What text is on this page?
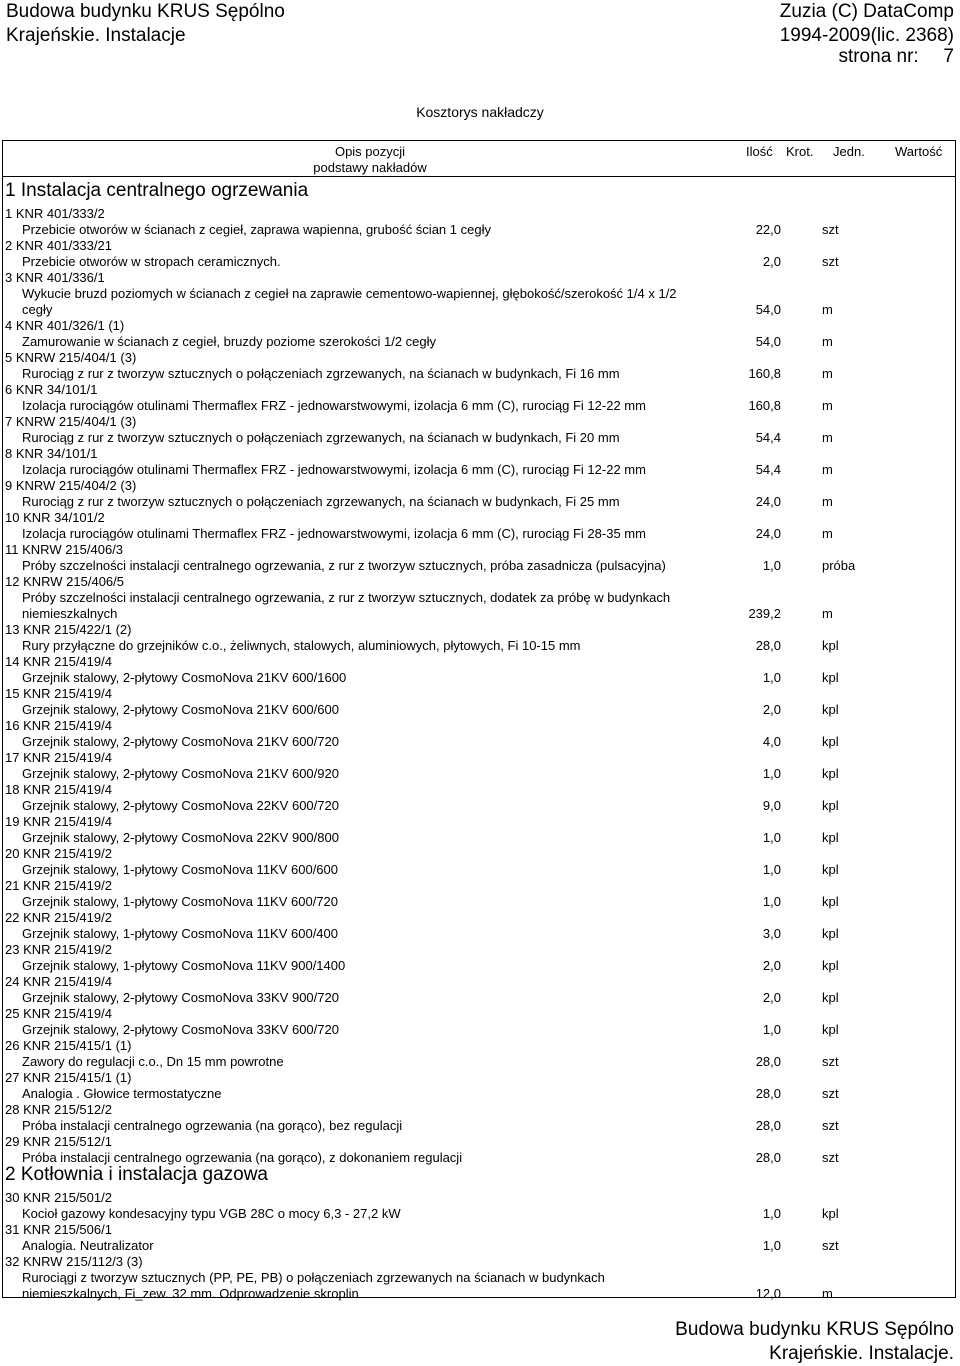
Budowa budynku KRUS Sępólno
Krajeńskie. Instalacje
Zuzia (C) DataComp
1994-2009(lic. 2368)
strona nr: 7
Kosztorys nakładczy
Opis pozycji
podstawy nakładów
Ilość Krot. Jedn. Wartość
1 Instalacja centralnego ogrzewania
2 Kotłownia i instalacja gazowa
1 KNR 401/333/2
Przebicie otworów w ścianach z cegieł, zaprawa wapienna, grubość ścian 1 cegły	22,0	szt
2 KNR 401/333/21
Przebicie otworów w stropach ceramicznych.	2,0	szt
3 KNR 401/336/1
Wykucie bruzd poziomych w ścianach z cegieł na zaprawie cementowo-wapiennej, głębokość/szerokość 1/4 x 1/2
cegły	54,0	m
4 KNR 401/326/1 (1)
Zamurowanie w ścianach z cegieł, bruzdy poziome szerokości 1/2 cegły	54,0	m
5 KNRW 215/404/1 (3)
Rurociąg z rur z tworzyw sztucznych o połączeniach zgrzewanych, na ścianach w budynkach, Fi 16 mm	160,8	m
6 KNR 34/101/1
Izolacja rurociągów otulinami Thermaflex FRZ - jednowarstwowymi, izolacja 6 mm (C), rurociąg Fi 12-22 mm	160,8	m
7 KNRW 215/404/1 (3)
Rurociąg z rur z tworzyw sztucznych o połączeniach zgrzewanych, na ścianach w budynkach, Fi 20 mm	54,4	m
8 KNR 34/101/1
Izolacja rurociągów otulinami Thermaflex FRZ - jednowarstwowymi, izolacja 6 mm (C), rurociąg Fi 12-22 mm	54,4	m
9 KNRW 215/404/2 (3)
Rurociąg z rur z tworzyw sztucznych o połączeniach zgrzewanych, na ścianach w budynkach, Fi 25 mm	24,0	m
10 KNR 34/101/2
Izolacja rurociągów otulinami Thermaflex FRZ - jednowarstwowymi, izolacja 6 mm (C), rurociąg Fi 28-35 mm	24,0	m
11 KNRW 215/406/3
Próby szczelności instalacji centralnego ogrzewania, z rur z tworzyw sztucznych, próba zasadnicza (pulsacyjna)	1,0	próba
12 KNRW 215/406/5
Próby szczelności instalacji centralnego ogrzewania, z rur z tworzyw sztucznych, dodatek za próbę w budynkach
niemieszkalnych	239,2	m
13 KNR 215/422/1 (2)
Rury przyłączne do grzejników c.o., żeliwnych, stalowych, aluminiowych, płytowych, Fi 10-15 mm	28,0	kpl
14 KNR 215/419/4
Grzejnik stalowy, 2-płytowy CosmoNova 21KV 600/1600	1,0	kpl
15 KNR 215/419/4
Grzejnik stalowy, 2-płytowy CosmoNova 21KV 600/600	2,0	kpl
16 KNR 215/419/4
Grzejnik stalowy, 2-płytowy CosmoNova 21KV 600/720	4,0	kpl
17 KNR 215/419/4
Grzejnik stalowy, 2-płytowy CosmoNova 21KV 600/920	1,0	kpl
18 KNR 215/419/4
Grzejnik stalowy, 2-płytowy CosmoNova 22KV 600/720	9,0	kpl
19 KNR 215/419/4
Grzejnik stalowy, 2-płytowy CosmoNova 22KV 900/800	1,0	kpl
20 KNR 215/419/2
Grzejnik stalowy, 1-płytowy CosmoNova 11KV 600/600	1,0	kpl
21 KNR 215/419/2
Grzejnik stalowy, 1-płytowy CosmoNova 11KV 600/720	1,0	kpl
22 KNR 215/419/2
Grzejnik stalowy, 1-płytowy CosmoNova 11KV 600/400	3,0	kpl
23 KNR 215/419/2
Grzejnik stalowy, 1-płytowy CosmoNova 11KV 900/1400	2,0	kpl
24 KNR 215/419/4
Grzejnik stalowy, 2-płytowy CosmoNova 33KV 900/720	2,0	kpl
25 KNR 215/419/4
Grzejnik stalowy, 2-płytowy CosmoNova 33KV 600/720	1,0	kpl
26 KNR 215/415/1 (1)
Zawory do regulacji c.o., Dn 15 mm powrotne	28,0	szt
27 KNR 215/415/1 (1)
Analogia . Głowice termostatyczne	28,0	szt
28 KNR 215/512/2
Próba instalacji centralnego ogrzewania (na gorąco), bez regulacji	28,0	szt
29 KNR 215/512/1
Próba instalacji centralnego ogrzewania (na gorąco), z dokonaniem regulacji	28,0	szt
30 KNR 215/501/2
Kocioł gazowy kondesacyjny typu VGB 28C o mocy 6,3 - 27,2 kW	1,0	kpl
31 KNR 215/506/1
Analogia. Neutralizator	1,0	szt
32 KNRW 215/112/3 (3)
Rurociągi z tworzyw sztucznych (PP, PE, PB) o połączeniach zgrzewanych na ścianach w budynkach
niemieszkalnych, Fi_zew. 32 mm. Odprowadzenie skroplin	12,0	m
Budowa budynku KRUS Sępólno
Krajeńskie. Instalacje.
